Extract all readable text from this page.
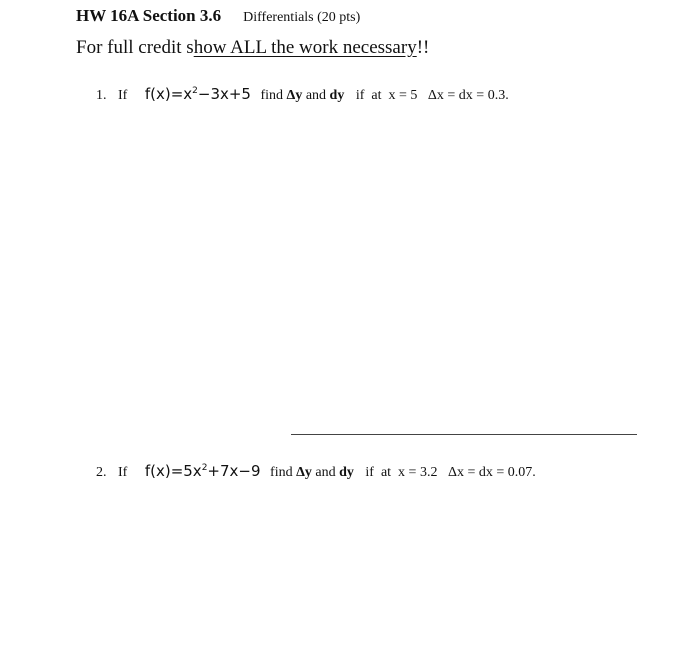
HW 16A Section 3.6 Differentials (20 pts)
For full credit show ALL the work necessary!!
1. If $f(x)=x^2-3x+5$ find Δy and dy if  at  x = 5   Δx = dx = 0.3.
2. If $f(x)=5x^2+7x-9$ find Δy and dy if  at  x = 3.2   Δx = dx = 0.07.
